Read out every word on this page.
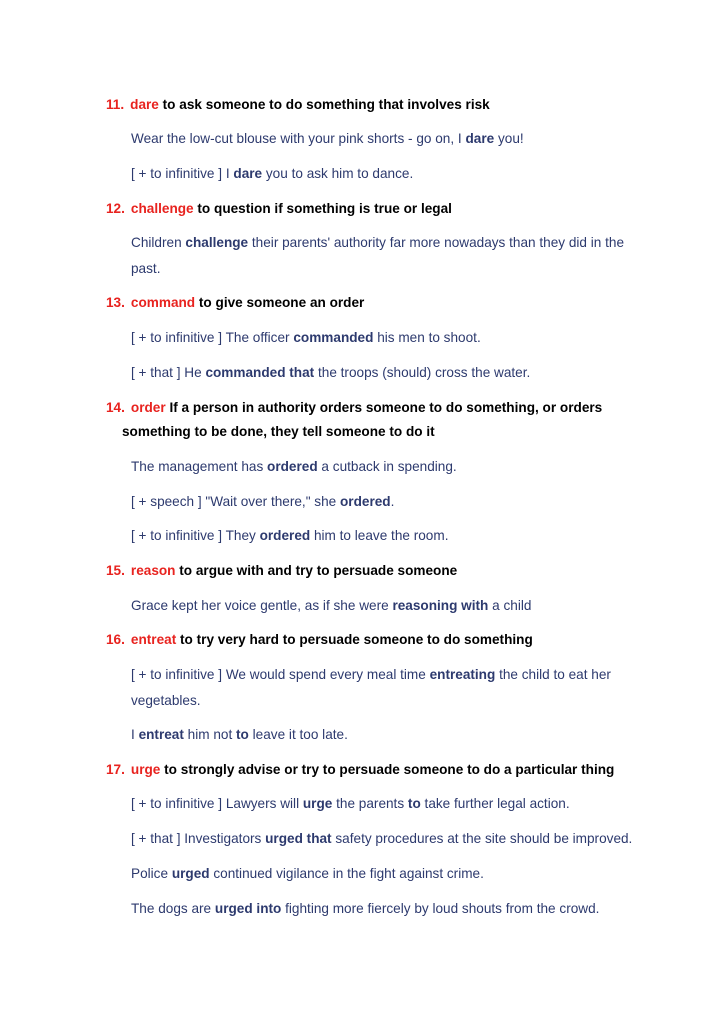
11. dare to ask someone to do something that involves risk
Wear the low-cut blouse with your pink shorts - go on, I dare you!
[ + to infinitive ] I dare you to ask him to dance.
12. challenge to question if something is true or legal
Children challenge their parents' authority far more nowadays than they did in the past.
13. command to give someone an order
[ + to infinitive ] The officer commanded his men to shoot.
[ + that ] He commanded that the troops (should) cross the water.
14. order If a person in authority orders someone to do something, or orders
something to be done, they tell someone to do it
The management has ordered a cutback in spending.
[ + speech ] "Wait over there," she ordered.
[ + to infinitive ] They ordered him to leave the room.
15. reason to argue with and try to persuade someone
Grace kept her voice gentle, as if she were reasoning with a child
16. entreat to try very hard to persuade someone to do something
[ + to infinitive ] We would spend every meal time entreating the child to eat her vegetables.
I entreat him not to leave it too late.
17. urge to strongly advise or try to persuade someone to do a particular thing
[ + to infinitive ] Lawyers will urge the parents to take further legal action.
[ + that ] Investigators urged that safety procedures at the site should be improved.
Police urged continued vigilance in the fight against crime.
The dogs are urged into fighting more fiercely by loud shouts from the crowd.
